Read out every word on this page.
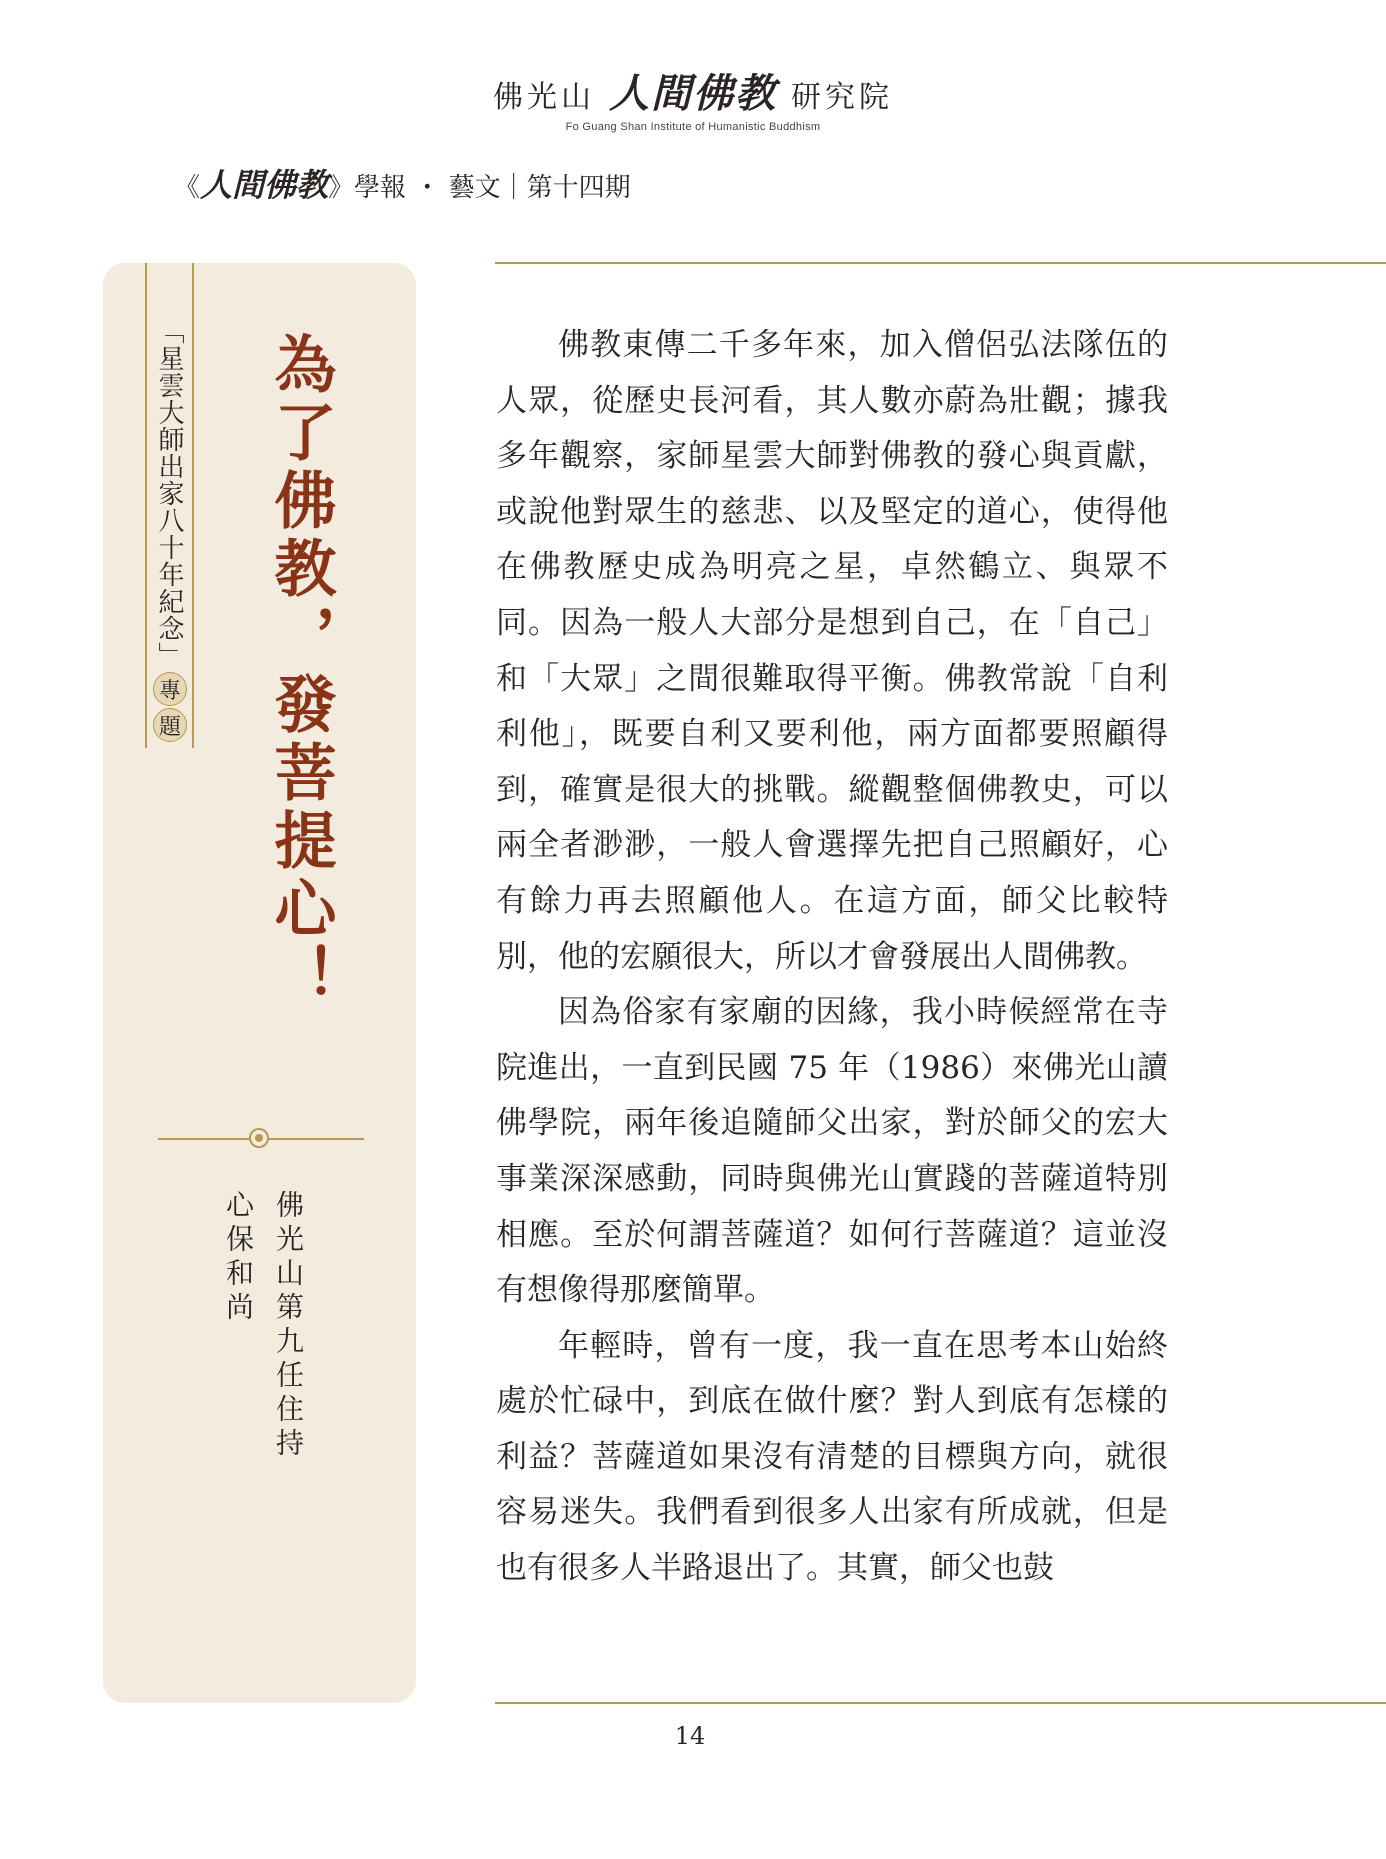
佛光山 人間佛教 研究院
Fo Guang Shan Institute of Humanistic Buddhism
《人間佛教》學報 ・ 藝文｜第十四期
「星雲大師出家八十年紀念」
專
題 為了佛教，發菩提心！
佛光山第九任住持
心保和尚

佛教東傳二千多年來，加入僧侶弘法隊伍的人眾，從歷史長河看，其人數亦蔚為壯觀；據我多年觀察，家師星雲大師對佛教的發心與貢獻，或說他對眾生的慈悲、以及堅定的道心，使得他在佛教歷史成為明亮之星，卓然鶴立、與眾不同。因為一般人大部分是想到自己，在「自己」和「大眾」之間很難取得平衡。佛教常說「自利利他」，既要自利又要利他，兩方面都要照顧得到，確實是很大的挑戰。縱觀整個佛教史，可以兩全者渺渺，一般人會選擇先把自己照顧好，心有餘力再去照顧他人。在這方面，師父比較特別，他的宏願很大，所以才會發展出人間佛教。

因為俗家有家廟的因緣，我小時候經常在寺院進出，一直到民國 75 年（1986）來佛光山讀佛學院，兩年後追隨師父出家，對於師父的宏大事業深深感動，同時與佛光山實踐的菩薩道特別相應。至於何謂菩薩道？如何行菩薩道？這並沒有想像得那麼簡單。

年輕時，曾有一度，我一直在思考本山始終處於忙碌中，到底在做什麼？對人到底有怎樣的利益？菩薩道如果沒有清楚的目標與方向，就很容易迷失。我們看到很多人出家有所成就，但是也有很多人半路退出了。其實，師父也鼓

14
